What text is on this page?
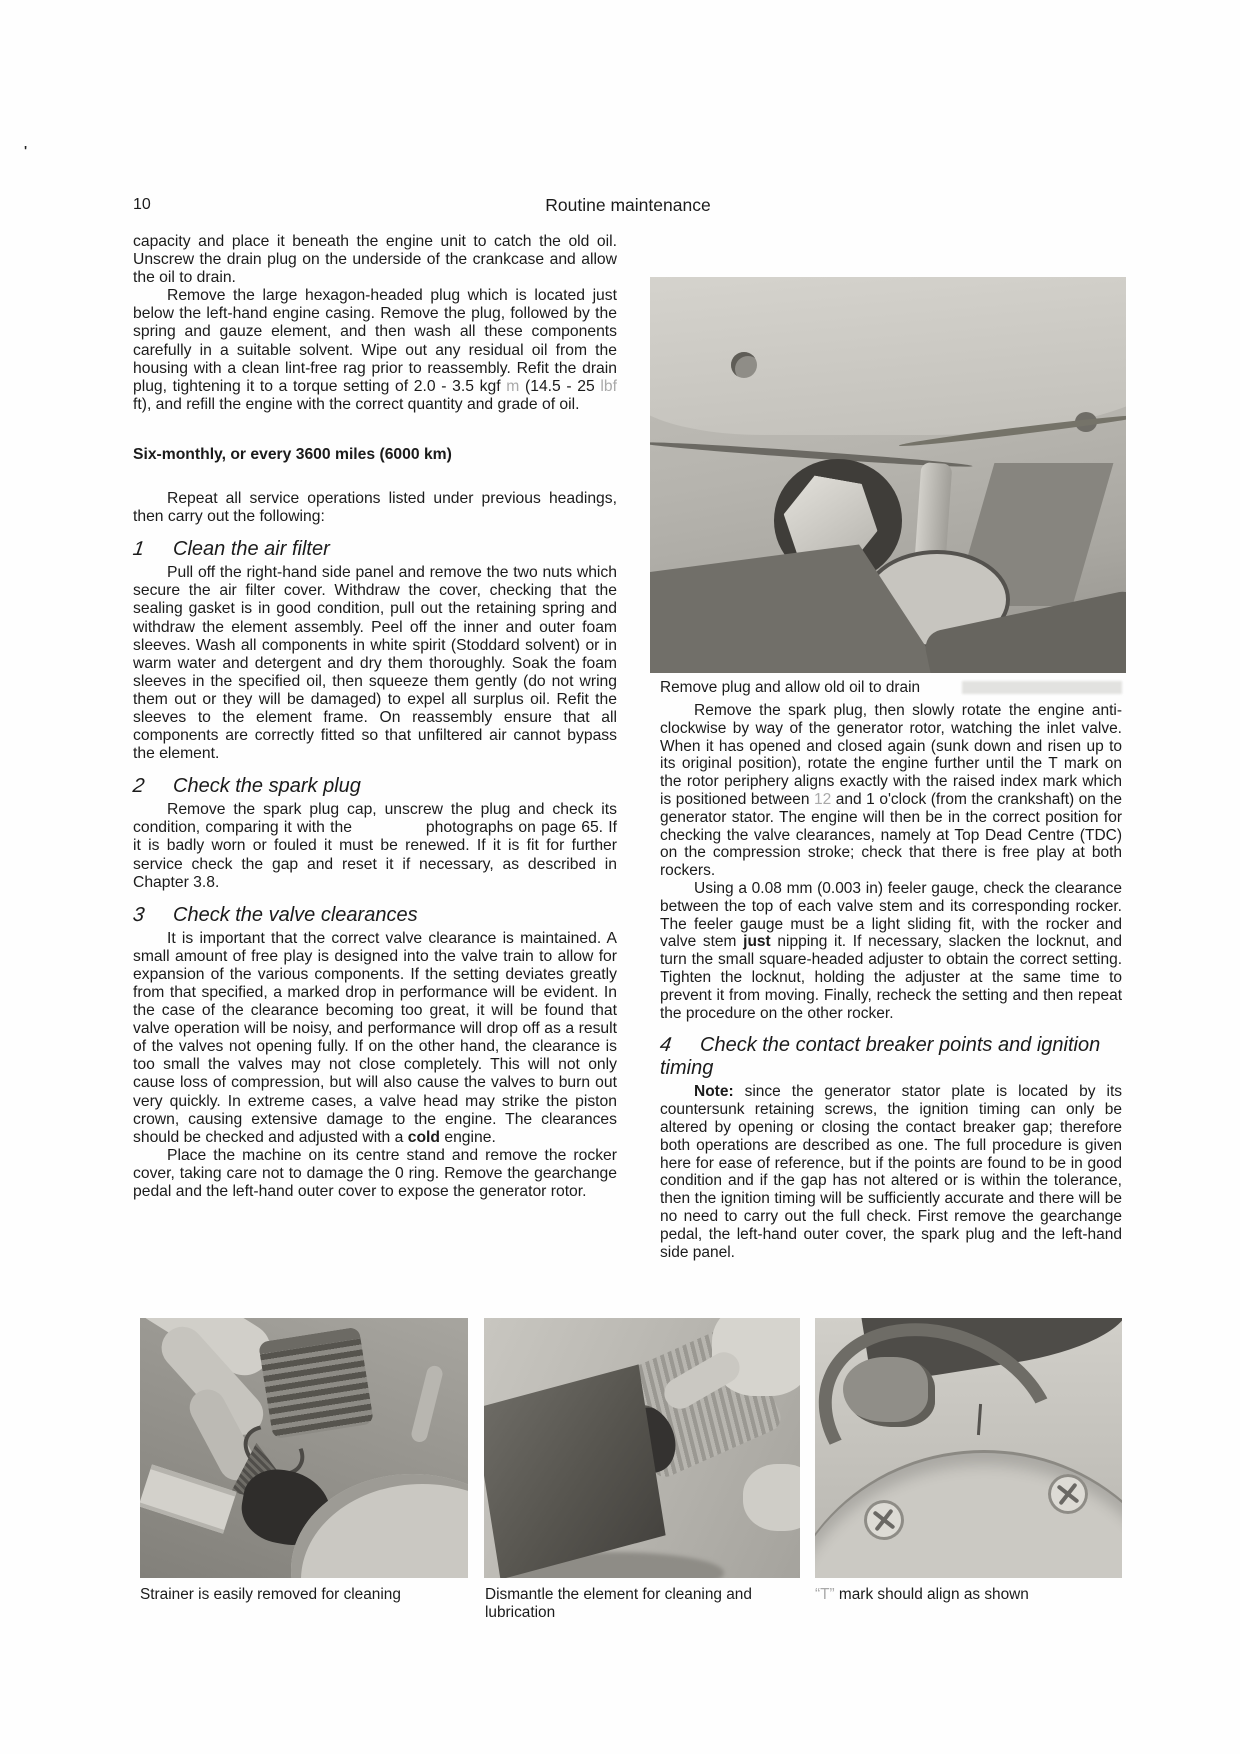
'
10	Routine maintenance

capacity and place it beneath the engine unit to catch the old oil. Unscrew the drain plug on the underside of the crankcase and allow the oil to drain.

Remove the large hexagon-headed plug which is located just below the left-hand engine casing. Remove the plug, followed by the spring and gauze element, and then wash all these components carefully in a suitable solvent. Wipe out any residual oil from the housing with a clean lint-free rag prior to reassembly. Refit the drain plug, tightening it to a torque setting of 2.0 - 3.5 kgf m (14.5 - 25 lbf ft), and refill the engine with the correct quantity and grade of oil.

Six-monthly, or every 3600 miles (6000 km)

Repeat all service operations listed under previous headings, then carry out the following:

1 Clean the air filter

Pull off the right-hand side panel and remove the two nuts which secure the air filter cover. Withdraw the cover, checking that the sealing gasket is in good condition, pull out the retaining spring and withdraw the element assembly. Peel off the inner and outer foam sleeves. Wash all components in white spirit (Stoddard solvent) or in warm water and detergent and dry them thoroughly. Soak the foam sleeves in the specified oil, then squeeze them gently (do not wring them out or they will be damaged) to expel all surplus oil. Refit the sleeves to the element frame. On reassembly ensure that all components are correctly fitted so that unfiltered air cannot bypass the element.

2 Check the spark plug

Remove the spark plug cap, unscrew the plug and check its condition, comparing it with the	photographs on page 65. If it is badly worn or fouled it must be renewed. If it is fit for further service check the gap and reset it if necessary, as described in Chapter 3.8.

3 Check the valve clearances

It is important that the correct valve clearance is maintained. A small amount of free play is designed into the valve train to allow for expansion of the various components. If the setting deviates greatly from that specified, a marked drop in performance will be evident. In the case of the clearance becoming too great, it will be found that valve operation will be noisy, and performance will drop off as a result of the valves not opening fully. If on the other hand, the clearance is too small the valves may not close completely. This will not only cause loss of compression, but will also cause the valves to burn out very quickly. In extreme cases, a valve head may strike the piston crown, causing extensive damage to the engine. The clearances should be checked and adjusted with a cold engine.

Place the machine on its centre stand and remove the rocker cover, taking care not to damage the 0 ring. Remove the gearchange pedal and the left-hand outer cover to expose the generator rotor.

Remove plug and allow old oil to drain

Remove the spark plug, then slowly rotate the engine anti-clockwise by way of the generator rotor, watching the inlet valve. When it has opened and closed again (sunk down and risen up to its original position), rotate the engine further until the T mark on the rotor periphery aligns exactly with the raised index mark which is positioned between 12 and 1 o'clock (from the crankshaft) on the generator stator. The engine will then be in the correct position for checking the valve clearances, namely at Top Dead Centre (TDC) on the compression stroke; check that there is free play at both rockers.

Using a 0.08 mm (0.003 in) feeler gauge, check the clearance between the top of each valve stem and its corresponding rocker. The feeler gauge must be a light sliding fit, with the rocker and valve stem just nipping it. If necessary, slacken the locknut, and turn the small square-headed adjuster to obtain the correct setting. Tighten the locknut, holding the adjuster at the same time to prevent it from moving. Finally, recheck the setting and then repeat the procedure on the other rocker.

4 Check the contact breaker points and ignition timing

Note: since the generator stator plate is located by its countersunk retaining screws, the ignition timing can only be altered by opening or closing the contact breaker gap; therefore both operations are described as one. The full procedure is given here for ease of reference, but if the points are found to be in good condition and if the gap has not altered or is within the tolerance, then the ignition timing will be sufficiently accurate and there will be no need to carry out the full check. First remove the gearchange pedal, the left-hand outer cover, the spark plug and the left-hand side panel.

Strainer is easily removed for cleaning	Dismantle the element for cleaning and lubrication
“T” mark should align as shown
